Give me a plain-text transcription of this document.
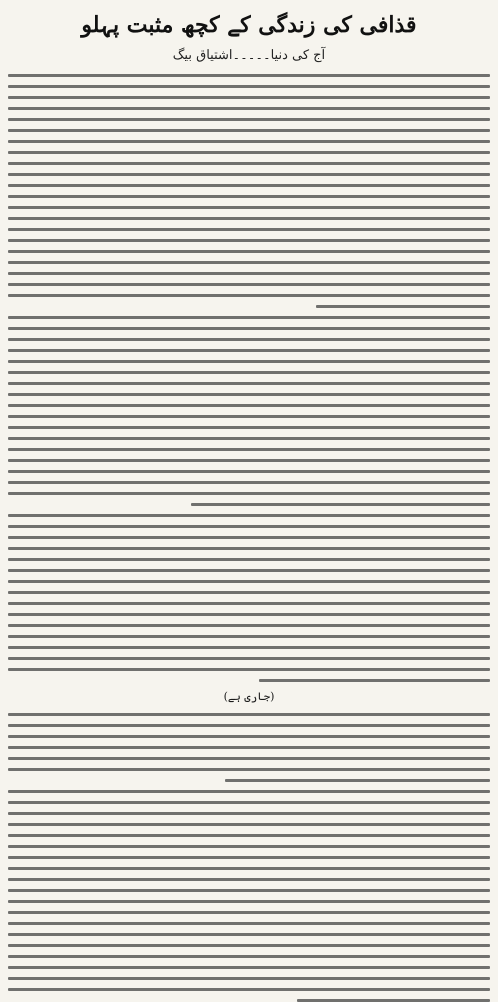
قذافی کی زندگی کے کچھ مثبت پہلو
آج کی دنیا۔۔۔۔۔اشتیاق بیگ
(جاری ہے)
